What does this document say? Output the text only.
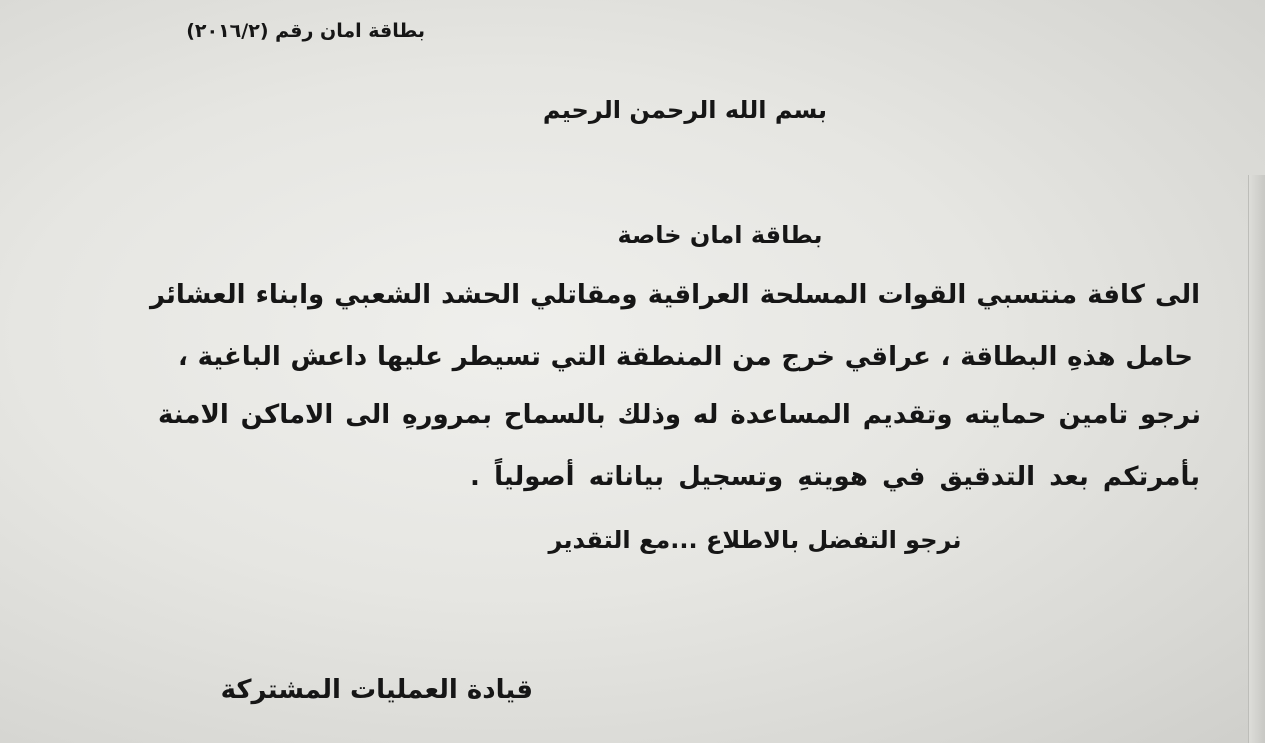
بطاقة امان رقم (٢٠١٦/٢)
بسم الله الرحمن الرحيم
بطاقة امان خاصة
الى كافة منتسبي القوات المسلحة العراقية ومقاتلي الحشد الشعبي وابناء العشائر
حامل هذهِ البطاقة ، عراقي خرج من المنطقة التي تسيطر عليها داعش الباغية ،
نرجو تامين حمايته وتقديم المساعدة له وذلك بالسماح بمرورهِ الى الاماكن الامنة
بأمرتكم بعد التدقيق في هويتهِ وتسجيل بياناته أصولياً .
نرجو التفضل بالاطلاع ...مع التقدير
قيادة العمليات المشتركة
